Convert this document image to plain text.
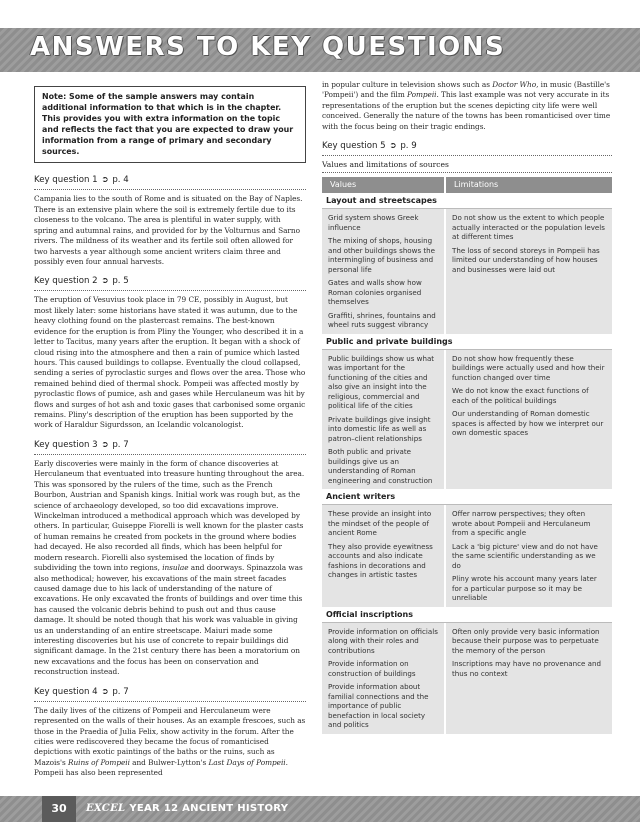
ANSWERS TO KEY QUESTIONS
Note: Some of the sample answers may contain additional information to that which is in the chapter. This provides you with extra information on the topic and reflects the fact that you are expected to draw your information from a range of primary and secondary sources.
Key question 1 ➲ p. 4
Campania lies to the south of Rome and is situated on the Bay of Naples. There is an extensive plain where the soil is extremely fertile due to its closeness to the volcano. The area is plentiful in water supply, with spring and autumnal rains, and provided for by the Volturnus and Sarno rivers. The mildness of its weather and its fertile soil often allowed for two harvests a year although some ancient writers claim three and possibly even four annual harvests.
Key question 2 ➲ p. 5
The eruption of Vesuvius took place in 79 CE, possibly in August, but most likely later: some historians have stated it was autumn, due to the heavy clothing found on the plastercast remains. The best-known evidence for the eruption is from Pliny the Younger, who described it in a letter to Tacitus, many years after the eruption. It began with a shock of cloud rising into the atmosphere and then a rain of pumice which lasted hours. This caused buildings to collapse. Eventually the cloud collapsed, sending a series of pyroclastic surges and flows over the area. Those who remained behind died of thermal shock. Pompeii was affected mostly by pyroclastic flows of pumice, ash and gases while Herculaneum was hit by flows and surges of hot ash and toxic gases that carbonised some organic remains. Pliny's description of the eruption has been supported by the work of Haraldur Sigurdsson, an Icelandic volcanologist.
Key question 3 ➲ p. 7

Early discoveries were mainly in the form of chance discoveries at Herculaneum that eventuated into treasure hunting throughout the area. This was sponsored by the rulers of the time, such as the French Bourbon, Austrian and Spanish kings. Initial work was rough but, as the science of archaeology developed, so too did excavations improve.

Winckelman introduced a methodical approach which was developed by others. In particular, Guiseppe Fiorelli is well known for the plaster casts of human remains he created from pockets in the ground where bodies had decayed. He also recorded all finds, which has been helpful for modern research. Fiorelli also systemised the location of finds by subdividing the town into regions, insulae and doorways. Spinazzola was also methodical; however, his excavations of the main street facades caused damage due to his lack of understanding of the nature of excavations. He only excavated the fronts of buildings and over time this has caused the volcanic debris behind to push out and thus cause damage. It should be noted though that his work was valuable in giving us an understanding of an entire streetscape. Maiuri made some interesting discoveries but his use of concrete to repair buildings did significant damage. In the 21st century there has been a moratorium on new excavations and the focus has been on conservation and reconstruction instead.

Key question 4 ➲ p. 7
The daily lives of the citizens of Pompeii and Herculaneum were represented on the walls of their houses. As an example frescoes, such as those in the Praedia of Julia Felix, show activity in the forum. After the cities were rediscovered they became the focus of romanticised depictions with exotic paintings of the baths or the ruins, such as Mazois's Ruins of Pompeii and Bulwer-Lytton's Last Days of Pompeii. Pompeii has also been represented
in popular culture in television shows such as Doctor Who, in music (Bastille's 'Pompeii') and the film Pompeii. This last example was not very accurate in its representations of the eruption but the scenes depicting city life were well conceived. Generally the nature of the towns has been romanticised over time with the focus being on their tragic endings.
Key question 5 ➲ p. 9
Values and limitations of sources
Values	Limitations
Layout and streetscapes
Grid system shows Greek influence
The mixing of shops, housing and other buildings shows the intermingling of business and personal life
Gates and walls show how Roman colonies organised themselves
Graffiti, shrines, fountains and wheel ruts suggest vibrancy
Do not show us the extent to which people actually interacted or the population levels at different times
The loss of second storeys in Pompeii has limited our understanding of how houses and businesses were laid out
Public and private buildings
Public buildings show us what was important for the functioning of the cities and also give an insight into the religious, commercial and political life of the cities
Private buildings give insight into domestic life as well as patron–client relationships
Both public and private buildings give us an understanding of Roman engineering and construction
Do not show how frequently these buildings were actually used and how their function changed over time
We do not know the exact functions of each of the political buildings
Our understanding of Roman domestic spaces is affected by how we interpret our own domestic spaces
Ancient writers
These provide an insight into the mindset of the people of ancient Rome
They also provide eyewitness accounts and also indicate fashions in decorations and changes in artistic tastes
Offer narrow perspectives; they often wrote about Pompeii and Herculaneum from a specific angle
Lack a 'big picture' view and do not have the same scientific understanding as we do
Pliny wrote his account many years later for a particular purpose so it may be unreliable
Official inscriptions
Provide information on officials along with their roles and contributions
Provide information on construction of buildings
Provide information about familial connections and the importance of public benefaction in local society and politics
Often only provide very basic information because their purpose was to perpetuate the memory of the person
Inscriptions may have no provenance and thus no context
30	EXCEL YEAR 12 ANCIENT HISTORY
